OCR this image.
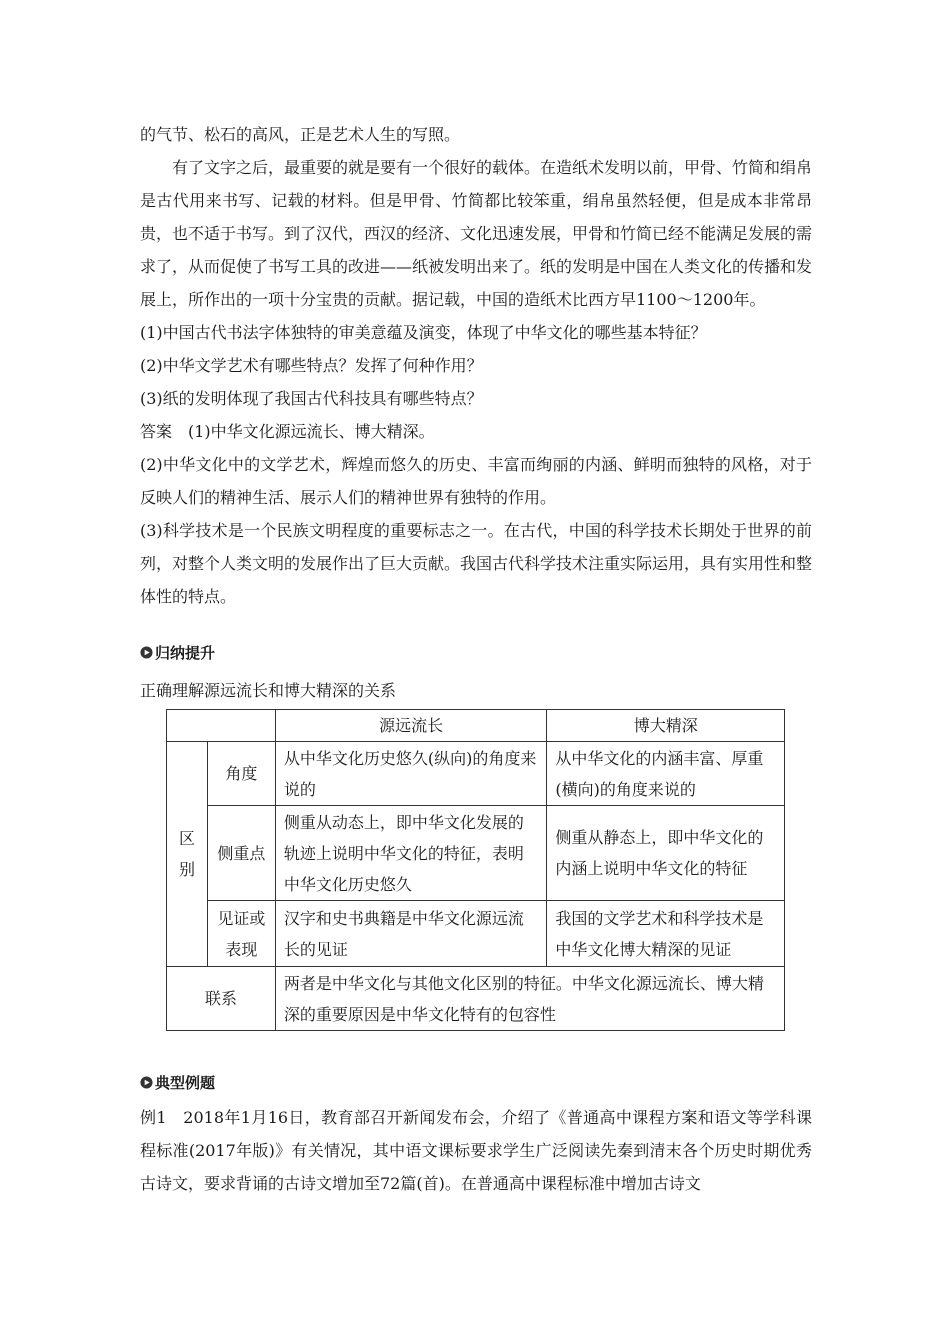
的气节、松石的高风，正是艺术人生的写照。

有了文字之后，最重要的就是要有一个很好的载体。在造纸术发明以前，甲骨、竹简和绢帛是古代用来书写、记载的材料。但是甲骨、竹简都比较笨重，绢帛虽然轻便，但是成本非常昂贵，也不适于书写。到了汉代，西汉的经济、文化迅速发展，甲骨和竹简已经不能满足发展的需求了，从而促使了书写工具的改进——纸被发明出来了。纸的发明是中国在人类文化的传播和发展上，所作出的一项十分宝贵的贡献。据记载，中国的造纸术比西方早1100～1200年。

(1)中国古代书法字体独特的审美意蕴及演变，体现了中华文化的哪些基本特征？

(2)中华文学艺术有哪些特点？发挥了何种作用？

(3)纸的发明体现了我国古代科技具有哪些特点？

答案　(1)中华文化源远流长、博大精深。

(2)中华文化中的文学艺术，辉煌而悠久的历史、丰富而绚丽的内涵、鲜明而独特的风格，对于反映人们的精神生活、展示人们的精神世界有独特的作用。

(3)科学技术是一个民族文明程度的重要标志之一。在古代，中国的科学技术长期处于世界的前列，对整个人类文明的发展作出了巨大贡献。我国古代科学技术注重实际运用，具有实用性和整体性的特点。

归纳提升

正确理解源远流长和博大精深的关系

		源远流长	博大精深
区别	角度	从中华文化历史悠久(纵向)的角度来说的	从中华文化的内涵丰富、厚重(横向)的角度来说的
	侧重点	侧重从动态上，即中华文化发展的轨迹上说明中华文化的特征，表明中华文化历史悠久	侧重从静态上，即中华文化的内涵上说明中华文化的特征
	见证或表现	汉字和史书典籍是中华文化源远流长的见证	我国的文学艺术和科学技术是中华文化博大精深的见证
联系		两者是中华文化与其他文化区别的特征。中华文化源远流长、博大精深的重要原因是中华文化特有的包容性	
典型例题

例1　2018年1月16日，教育部召开新闻发布会，介绍了《普通高中课程方案和语文等学科课程标准(2017年版)》有关情况，其中语文课标要求学生广泛阅读先秦到清末各个历史时期优秀古诗文，要求背诵的古诗文增加至72篇(首)。在普通高中课程标准中增加古诗文
